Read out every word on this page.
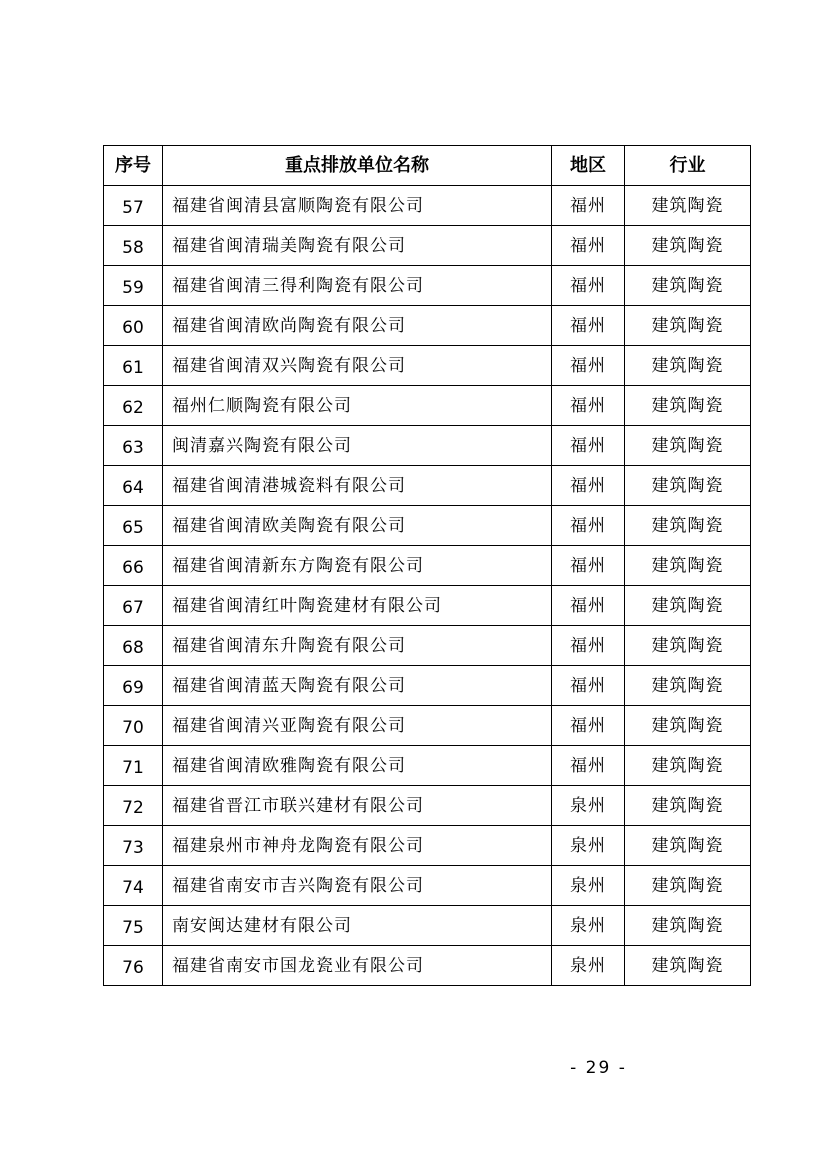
序号	重点排放单位名称	地区	行业
57	福建省闽清县富顺陶瓷有限公司	福州	建筑陶瓷
58	福建省闽清瑞美陶瓷有限公司	福州	建筑陶瓷
59	福建省闽清三得利陶瓷有限公司	福州	建筑陶瓷
60	福建省闽清欧尚陶瓷有限公司	福州	建筑陶瓷
61	福建省闽清双兴陶瓷有限公司	福州	建筑陶瓷
62	福州仁顺陶瓷有限公司	福州	建筑陶瓷
63	闽清嘉兴陶瓷有限公司	福州	建筑陶瓷
64	福建省闽清港城瓷料有限公司	福州	建筑陶瓷
65	福建省闽清欧美陶瓷有限公司	福州	建筑陶瓷
66	福建省闽清新东方陶瓷有限公司	福州	建筑陶瓷
67	福建省闽清红叶陶瓷建材有限公司	福州	建筑陶瓷
68	福建省闽清东升陶瓷有限公司	福州	建筑陶瓷
69	福建省闽清蓝天陶瓷有限公司	福州	建筑陶瓷
70	福建省闽清兴亚陶瓷有限公司	福州	建筑陶瓷
71	福建省闽清欧雅陶瓷有限公司	福州	建筑陶瓷
72	福建省晋江市联兴建材有限公司	泉州	建筑陶瓷
73	福建泉州市神舟龙陶瓷有限公司	泉州	建筑陶瓷
74	福建省南安市吉兴陶瓷有限公司	泉州	建筑陶瓷
75	南安闽达建材有限公司	泉州	建筑陶瓷
76	福建省南安市国龙瓷业有限公司	泉州	建筑陶瓷
- 29 -
